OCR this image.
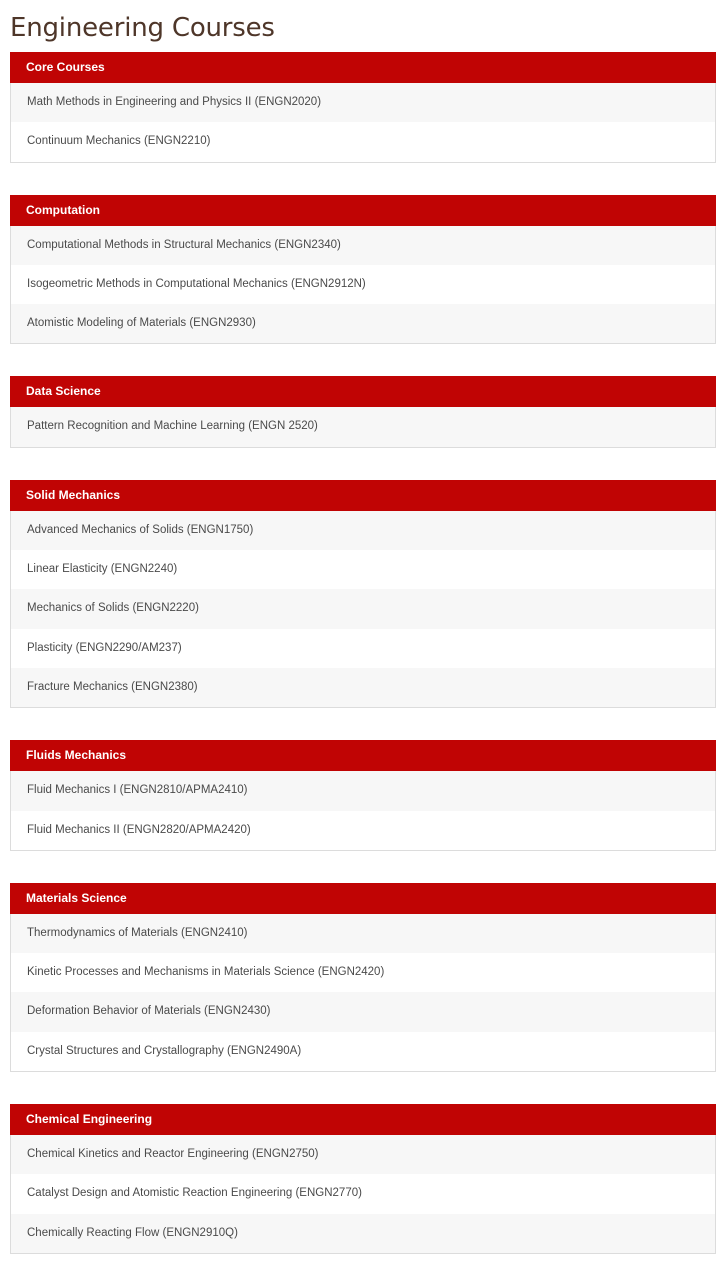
Engineering Courses
Core Courses
Math Methods in Engineering and Physics II (ENGN2020)
Continuum Mechanics (ENGN2210)
Computation
Computational Methods in Structural Mechanics (ENGN2340)
Isogeometric Methods in Computational Mechanics (ENGN2912N)
Atomistic Modeling of Materials (ENGN2930)
Data Science
Pattern Recognition and Machine Learning (ENGN 2520)
Solid Mechanics
Advanced Mechanics of Solids (ENGN1750)
Linear Elasticity (ENGN2240)
Mechanics of Solids (ENGN2220)
Plasticity (ENGN2290/AM237)
Fracture Mechanics (ENGN2380)
Fluids Mechanics
Fluid Mechanics I (ENGN2810/APMA2410)
Fluid Mechanics II (ENGN2820/APMA2420)
Materials Science
Thermodynamics of Materials (ENGN2410)
Kinetic Processes and Mechanisms in Materials Science (ENGN2420)
Deformation Behavior of Materials (ENGN2430)
Crystal Structures and Crystallography (ENGN2490A)
Chemical Engineering
Chemical Kinetics and Reactor Engineering (ENGN2750)
Catalyst Design and Atomistic Reaction Engineering (ENGN2770)
Chemically Reacting Flow (ENGN2910Q)
